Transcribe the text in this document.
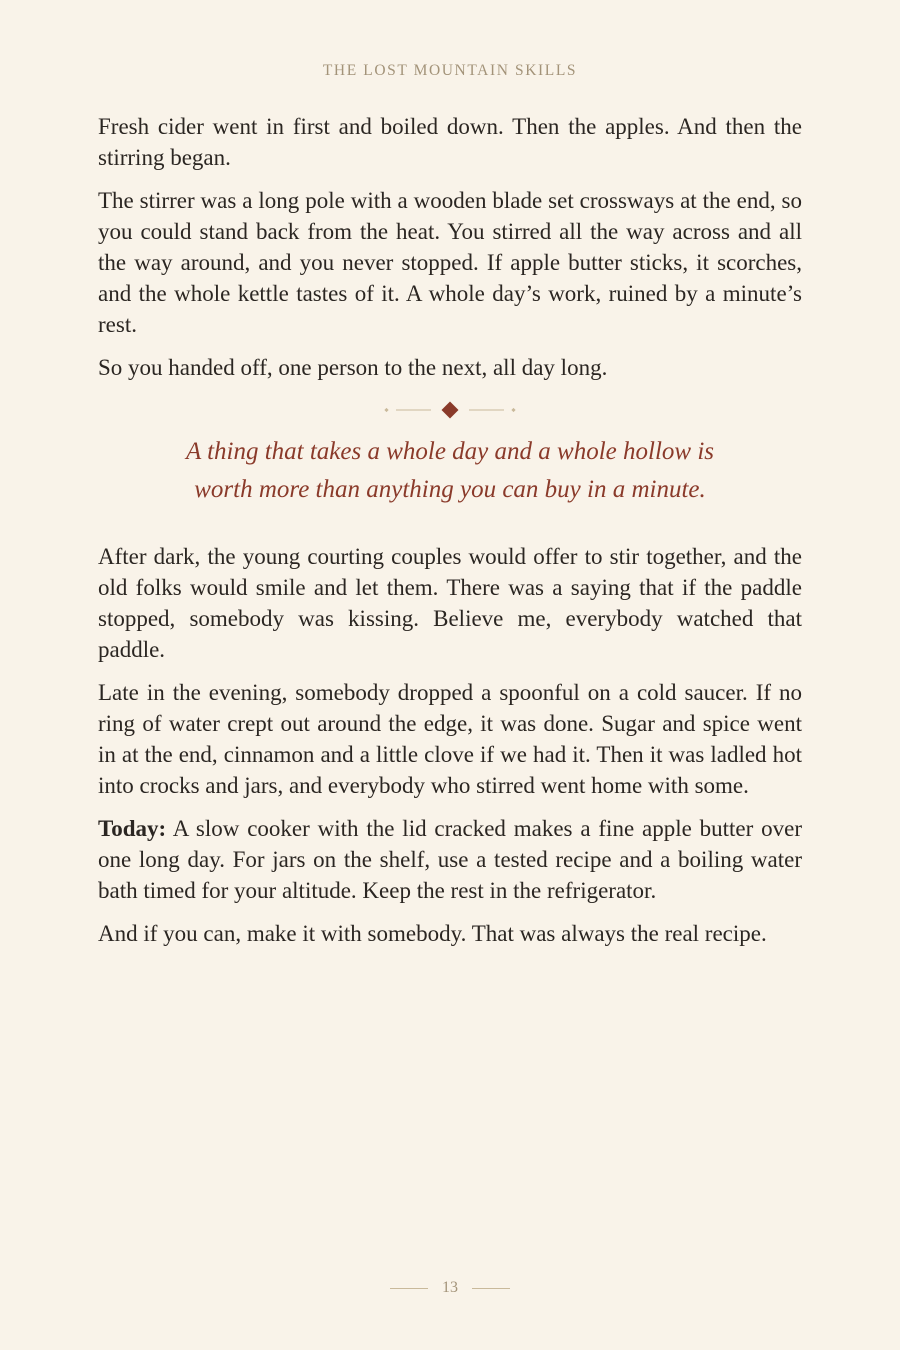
THE LOST MOUNTAIN SKILLS

Fresh cider went in first and boiled down. Then the apples. And then the stirring began.

The stirrer was a long pole with a wooden blade set crossways at the end, so you could stand back from the heat. You stirred all the way across and all the way around, and you never stopped. If apple butter sticks, it scorches, and the whole kettle tastes of it. A whole day’s work, ruined by a minute’s rest.

So you handed off, one person to the next, all day long.

A thing that takes a whole day and a whole hollow is
worth more than anything you can buy in a minute.

After dark, the young courting couples would offer to stir together, and the old folks would smile and let them. There was a saying that if the paddle stopped, somebody was kissing. Believe me, everybody watched that paddle.

Late in the evening, somebody dropped a spoonful on a cold saucer. If no ring of water crept out around the edge, it was done. Sugar and spice went in at the end, cinnamon and a little clove if we had it. Then it was ladled hot into crocks and jars, and everybody who stirred went home with some.

Today: A slow cooker with the lid cracked makes a fine apple butter over one long day. For jars on the shelf, use a tested recipe and a boiling water bath timed for your altitude. Keep the rest in the refrigerator.

And if you can, make it with somebody. That was always the real recipe.

13
